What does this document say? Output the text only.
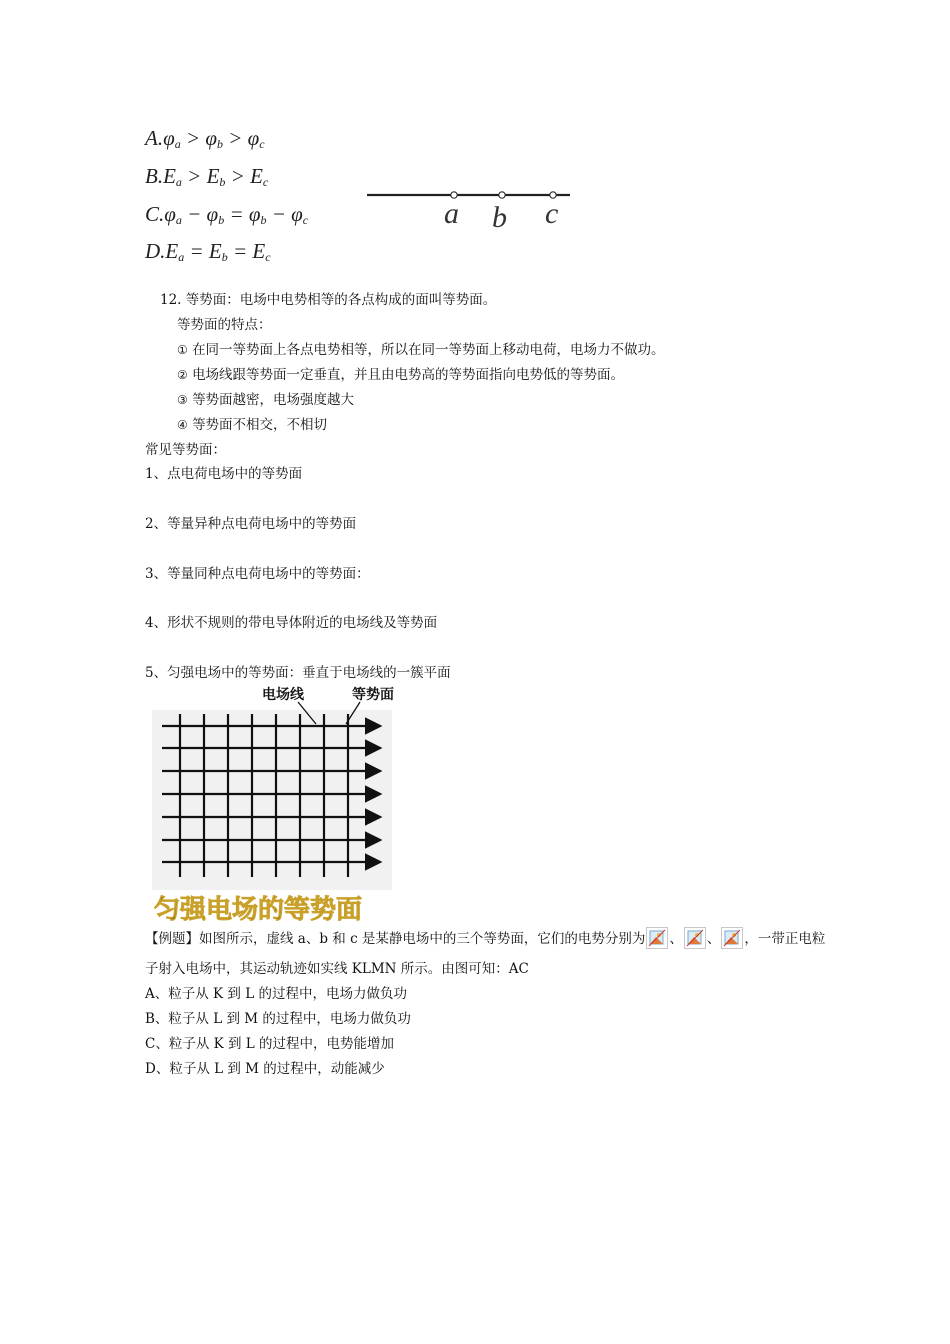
$A.\varphi_a > \varphi_b > \varphi_c$
$B.E_a > E_b > E_c$
$C.\varphi_a - \varphi_b = \varphi_b - \varphi_c$
$D.E_a = E_b = E_c$
a b c
12. 等势面：电场中电势相等的各点构成的面叫等势面。
等势面的特点：
① 在同一等势面上各点电势相等，所以在同一等势面上移动电荷，电场力不做功。
② 电场线跟等势面一定垂直，并且由电势高的等势面指向电势低的等势面。
③ 等势面越密，电场强度越大
④ 等势面不相交，不相切
常见等势面：
1、点电荷电场中的等势面
2、等量异种点电荷电场中的等势面
3、等量同种点电荷电场中的等势面：
4、形状不规则的带电导体附近的电场线及等势面
5、匀强电场中的等势面：垂直于电场线的一簇平面
电场线	等势面
匀强电场的等势面
【例题】如图所示，虚线 a、b 和 c 是某静电场中的三个等势面，它们的电势分别为 、 、 ，一带正电粒
子射入电场中，其运动轨迹如实线 KLMN 所示。由图可知：AC
A、粒子从 K 到 L 的过程中，电场力做负功
B、粒子从 L 到 M 的过程中，电场力做负功
C、粒子从 K 到 L 的过程中，电势能增加
D、粒子从 L 到 M 的过程中，动能减少
